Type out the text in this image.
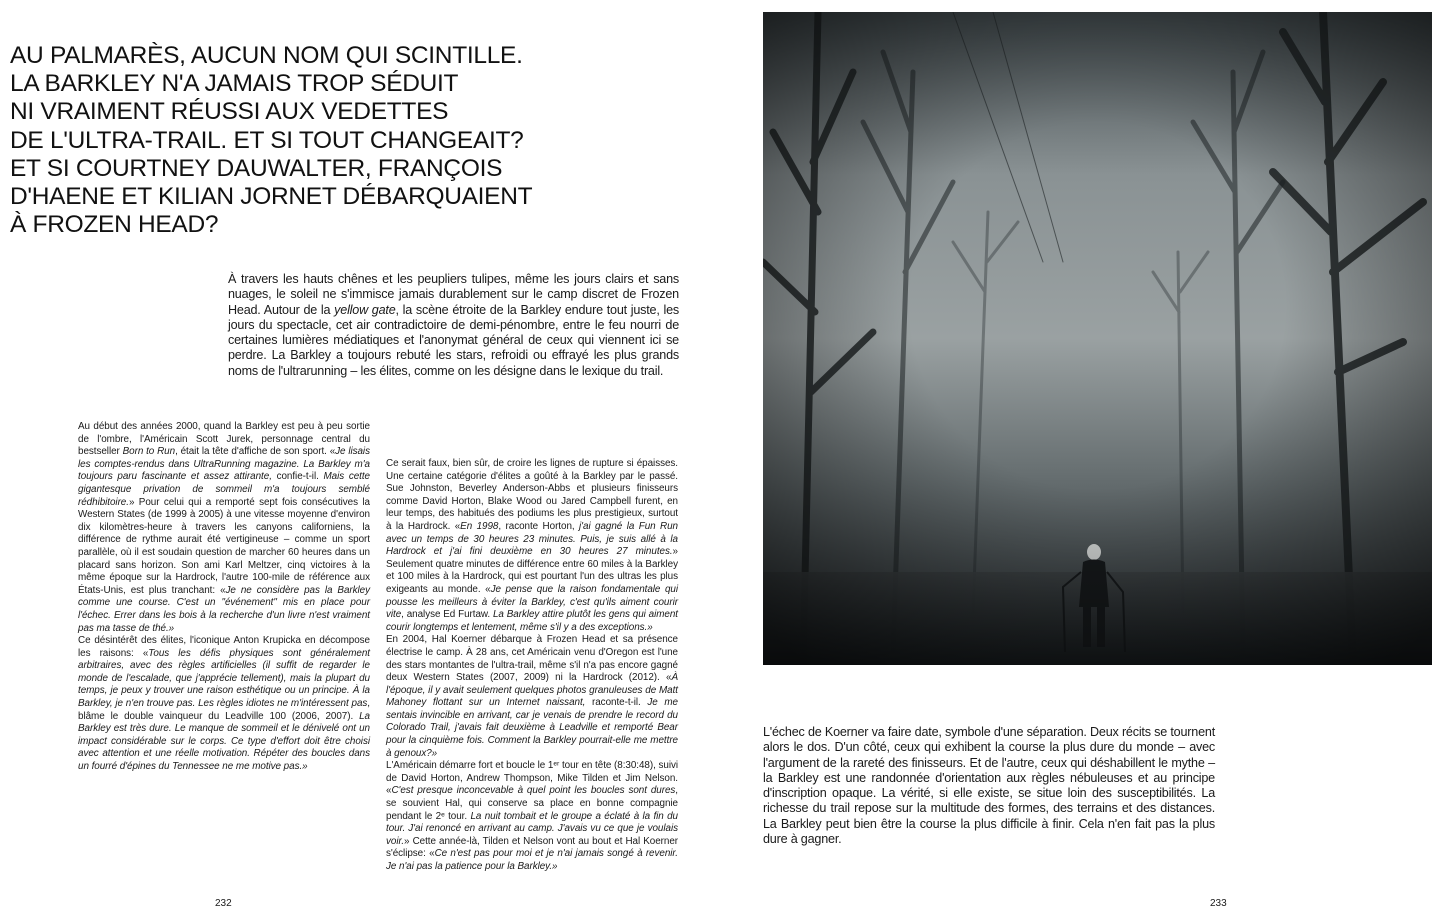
AU PALMARÈS, AUCUN NOM QUI SCINTILLE.
LA BARKLEY N'A JAMAIS TROP SÉDUIT
NI VRAIMENT RÉUSSI AUX VEDETTES
DE L'ULTRA-TRAIL. ET SI TOUT CHANGEAIT?
ET SI COURTNEY DAUWALTER, FRANÇOIS
D'HAENE ET KILIAN JORNET DÉBARQUAIENT
À FROZEN HEAD?

À travers les hauts chênes et les peupliers tulipes, même les jours clairs et sans nuages, le soleil ne s'immisce jamais durablement sur le camp discret de Frozen Head. Autour de la yellow gate, la scène étroite de la Barkley endure tout juste, les jours du spectacle, cet air contradictoire de demi-pénombre, entre le feu nourri de certaines lumières médiatiques et l'anonymat général de ceux qui viennent ici se perdre. La Barkley a toujours rebuté les stars, refroidi ou effrayé les plus grands noms de l'ultrarunning – les élites, comme on les désigne dans le lexique du trail.

Au début des années 2000, quand la Barkley est peu à peu sortie de l'ombre, l'Américain Scott Jurek, personnage central du bestseller Born to Run, était la tête d'affiche de son sport. «Je lisais les comptes-rendus dans UltraRunning magazine. La Barkley m'a toujours paru fascinante et assez attirante, confie-t-il. Mais cette gigantesque privation de sommeil m'a toujours semblé rédhibitoire.» Pour celui qui a remporté sept fois consécutives la Western States (de 1999 à 2005) à une vitesse moyenne d'environ dix kilomètres-heure à travers les canyons californiens, la différence de rythme aurait été vertigineuse – comme un sport parallèle, où il est soudain question de marcher 60 heures dans un placard sans horizon. Son ami Karl Meltzer, cinq victoires à la même époque sur la Hardrock, l'autre 100-mile de référence aux États-Unis, est plus tranchant: «Je ne considère pas la Barkley comme une course. C'est un "événement" mis en place pour l'échec. Errer dans les bois à la recherche d'un livre n'est vraiment pas ma tasse de thé.»

Ce désintérêt des élites, l'iconique Anton Krupicka en décompose les raisons: «Tous les défis physiques sont généralement arbitraires, avec des règles artificielles (il suffit de regarder le monde de l'escalade, que j'apprécie tellement), mais la plupart du temps, je peux y trouver une raison esthétique ou un principe. À la Barkley, je n'en trouve pas. Les règles idiotes ne m'intéressent pas, blâme le double vainqueur du Leadville 100 (2006, 2007). La Barkley est très dure. Le manque de sommeil et le dénivelé ont un impact considérable sur le corps. Ce type d'effort doit être choisi avec attention et une réelle motivation. Répéter des boucles dans un fourré d'épines du Tennessee ne me motive pas.»

Ce serait faux, bien sûr, de croire les lignes de rupture si épaisses. Une certaine catégorie d'élites a goûté à la Barkley par le passé. Sue Johnston, Beverley Anderson-Abbs et plusieurs finisseurs comme David Horton, Blake Wood ou Jared Campbell furent, en leur temps, des habitués des podiums les plus prestigieux, surtout à la Hardrock. «En 1998, raconte Horton, j'ai gagné la Fun Run avec un temps de 30 heures 23 minutes. Puis, je suis allé à la Hardrock et j'ai fini deuxième en 30 heures 27 minutes.» Seulement quatre minutes de différence entre 60 miles à la Barkley et 100 miles à la Hardrock, qui est pourtant l'un des ultras les plus exigeants au monde. «Je pense que la raison fondamentale qui pousse les meilleurs à éviter la Barkley, c'est qu'ils aiment courir vite, analyse Ed Furtaw. La Barkley attire plutôt les gens qui aiment courir longtemps et lentement, même s'il y a des exceptions.»

En 2004, Hal Koerner débarque à Frozen Head et sa présence électrise le camp. À 28 ans, cet Américain venu d'Oregon est l'une des stars montantes de l'ultra-trail, même s'il n'a pas encore gagné deux Western States (2007, 2009) ni la Hardrock (2012). «À l'époque, il y avait seulement quelques photos granuleuses de Matt Mahoney flottant sur un Internet naissant, raconte-t-il. Je me sentais invincible en arrivant, car je venais de prendre le record du Colorado Trail, j'avais fait deuxième à Leadville et remporté Bear pour la cinquième fois. Comment la Barkley pourrait-elle me mettre à genoux?»

L'Américain démarre fort et boucle le 1ᵉʳ tour en tête (8:30:48), suivi de David Horton, Andrew Thompson, Mike Tilden et Jim Nelson. «C'est presque inconcevable à quel point les boucles sont dures, se souvient Hal, qui conserve sa place en bonne compagnie pendant le 2ᵉ tour. La nuit tombait et le groupe a éclaté à la fin du tour. J'ai renoncé en arrivant au camp. J'avais vu ce que je voulais voir.» Cette année-là, Tilden et Nelson vont au bout et Hal Koerner s'éclipse: «Ce n'est pas pour moi et je n'ai jamais songé à revenir. Je n'ai pas la patience pour la Barkley.»

232	233

L'échec de Koerner va faire date, symbole d'une séparation. Deux récits se tournent alors le dos. D'un côté, ceux qui exhibent la course la plus dure du monde – avec l'argument de la rareté des finisseurs. Et de l'autre, ceux qui déshabillent le mythe – la Barkley est une randonnée d'orientation aux règles nébuleuses et au principe d'inscription opaque. La vérité, si elle existe, se situe loin des susceptibilités. La richesse du trail repose sur la multitude des formes, des terrains et des distances. La Barkley peut bien être la course la plus difficile à finir. Cela n'en fait pas la plus dure à gagner.
